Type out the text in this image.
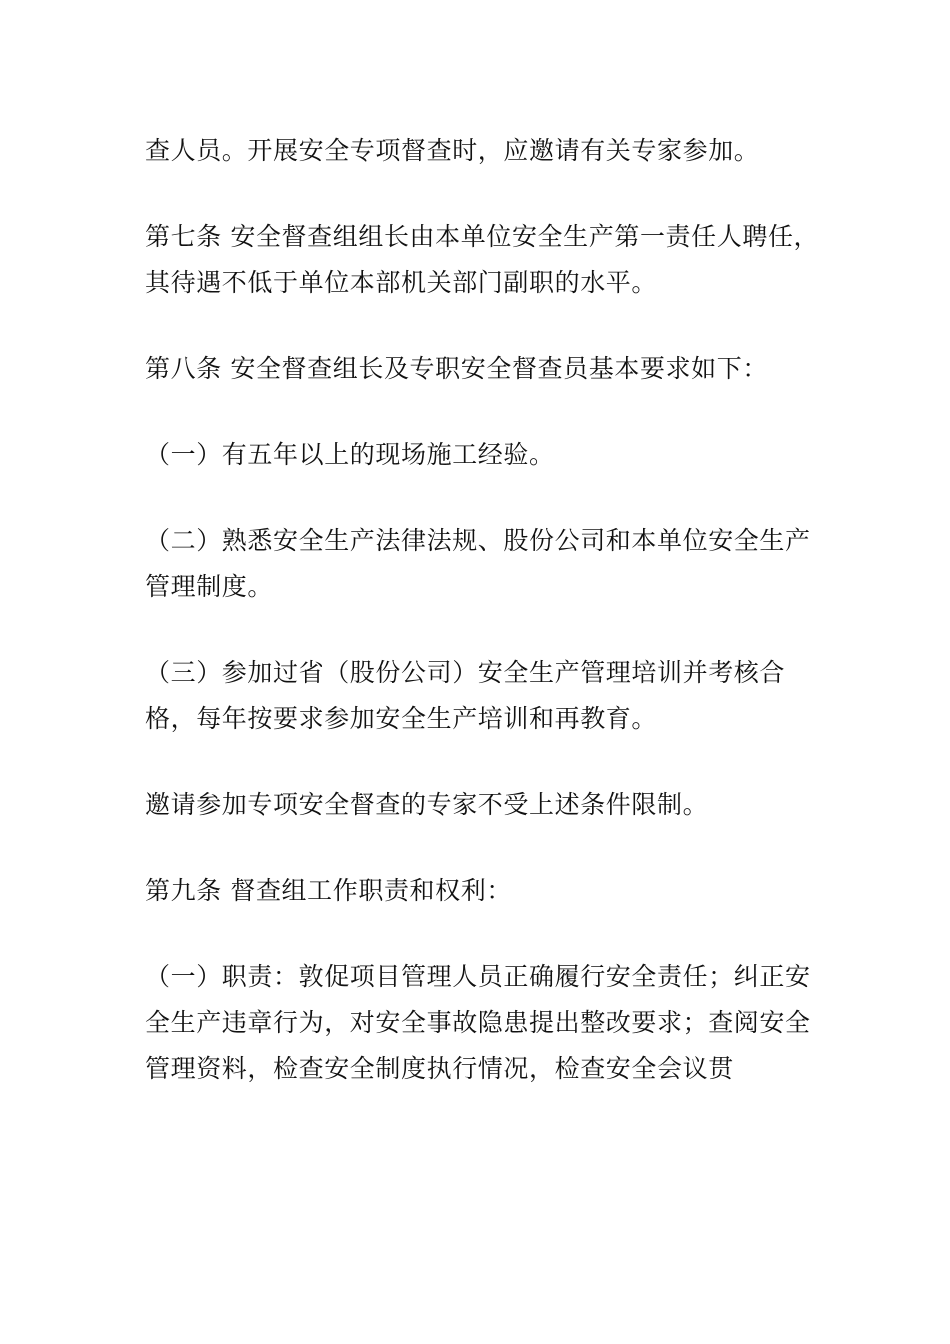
查人员。开展安全专项督查时，应邀请有关专家参加。

第七条 安全督查组组长由本单位安全生产第一责任人聘任，其待遇不低于单位本部机关部门副职的水平。

第八条 安全督查组长及专职安全督查员基本要求如下：

（一）有五年以上的现场施工经验。

（二）熟悉安全生产法律法规、股份公司和本单位安全生产管理制度。

（三）参加过省（股份公司）安全生产管理培训并考核合格，每年按要求参加安全生产培训和再教育。

邀请参加专项安全督查的专家不受上述条件限制。

第九条 督查组工作职责和权利：

（一）职责：敦促项目管理人员正确履行安全责任；纠正安全生产违章行为，对安全事故隐患提出整改要求；查阅安全管理资料，检查安全制度执行情况，检查安全会议贯
